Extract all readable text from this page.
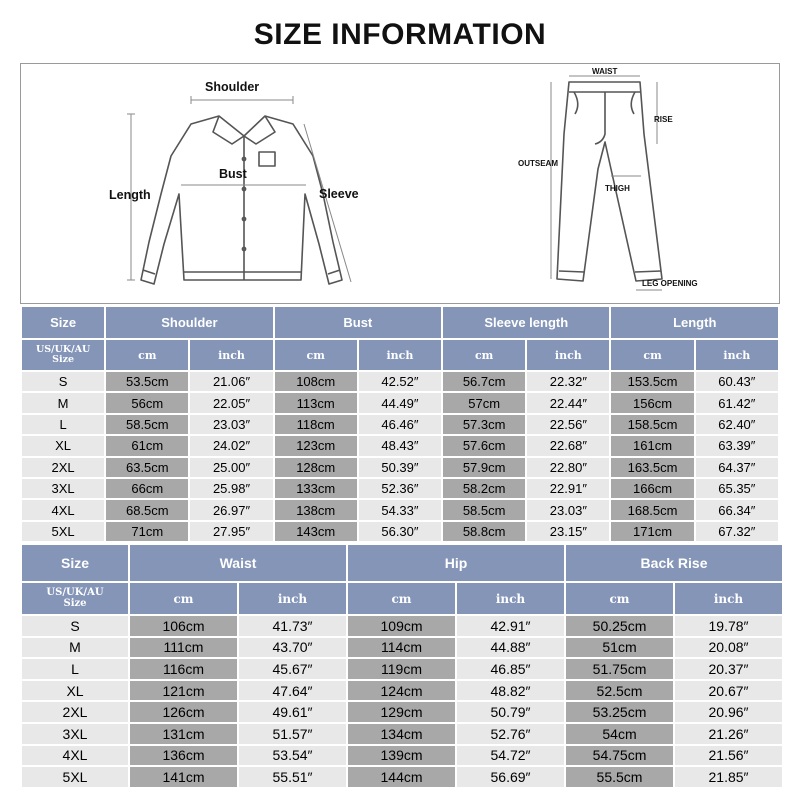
SIZE INFORMATION
Shoulder
Bust
Length	Sleeve
WAIST
RISE
OUTSEAM
THIGH
LEG OPENING
Size	Shoulder		Bust		Sleeve length		Length	
US/UK/AU
Size	cm	inch	cm	inch	cm	inch	cm	inch
S	53.5cm	21.06″	108cm	42.52″	56.7cm	22.32″	153.5cm	60.43″
M	56cm	22.05″	113cm	44.49″	57cm	22.44″	156cm	61.42″
L	58.5cm	23.03″	118cm	46.46″	57.3cm	22.56″	158.5cm	62.40″
XL	61cm	24.02″	123cm	48.43″	57.6cm	22.68″	161cm	63.39″
2XL	63.5cm	25.00″	128cm	50.39″	57.9cm	22.80″	163.5cm	64.37″
3XL	66cm	25.98″	133cm	52.36″	58.2cm	22.91″	166cm	65.35″
4XL	68.5cm	26.97″	138cm	54.33″	58.5cm	23.03″	168.5cm	66.34″
5XL	71cm	27.95″	143cm	56.30″	58.8cm	23.15″	171cm	67.32″
Size	Waist		Hip		Back Rise	
US/UK/AU
Size	cm	inch	cm	inch	cm	inch
S	106cm	41.73″	109cm	42.91″	50.25cm	19.78″
M	111cm	43.70″	114cm	44.88″	51cm	20.08″
L	116cm	45.67″	119cm	46.85″	51.75cm	20.37″
XL	121cm	47.64″	124cm	48.82″	52.5cm	20.67″
2XL	126cm	49.61″	129cm	50.79″	53.25cm	20.96″
3XL	131cm	51.57″	134cm	52.76″	54cm	21.26″
4XL	136cm	53.54″	139cm	54.72″	54.75cm	21.56″
5XL	141cm	55.51″	144cm	56.69″	55.5cm	21.85″
